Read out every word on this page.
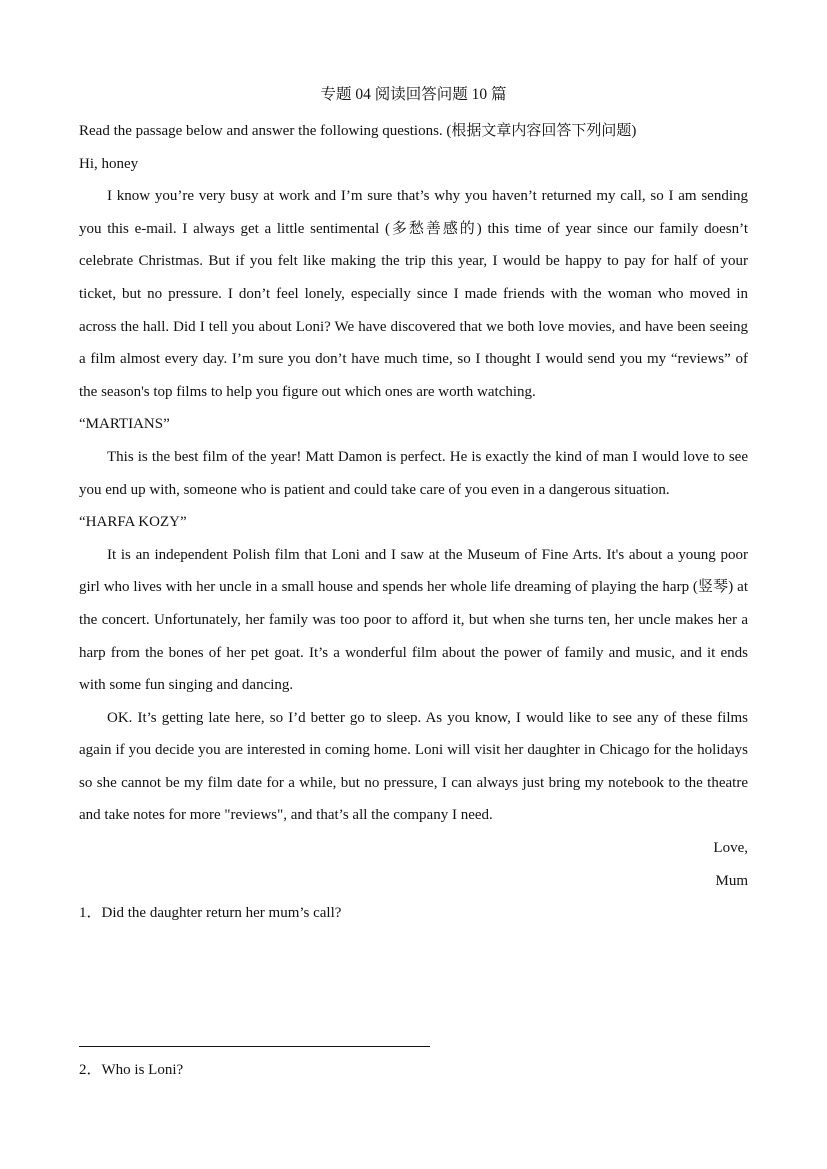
专题 04 阅读回答问题 10 篇

Read the passage below and answer the following questions. (根据文章内容回答下列问题)

Hi, honey

I know you’re very busy at work and I’m sure that’s why you haven’t returned my call, so I am sending you this e-mail. I always get a little sentimental (多愁善感的) this time of year since our family doesn’t celebrate Christmas. But if you felt like making the trip this year, I would be happy to pay for half of your ticket, but no pressure. I don’t feel lonely, especially since I made friends with the woman who moved in across the hall. Did I tell you about Loni? We have discovered that we both love movies, and have been seeing a film almost every day. I’m sure you don’t have much time, so I thought I would send you my “reviews” of the season's top films to help you figure out which ones are worth watching.

“MARTIANS”

This is the best film of the year! Matt Damon is perfect. He is exactly the kind of man I would love to see you end up with, someone who is patient and could take care of you even in a dangerous situation.

“HARFA KOZY”

It is an independent Polish film that Loni and I saw at the Museum of Fine Arts. It's about a young poor girl who lives with her uncle in a small house and spends her whole life dreaming of playing the harp (竖琴) at the concert. Unfortunately, her family was too poor to afford it, but when she turns ten, her uncle makes her a harp from the bones of her pet goat. It’s a wonderful film about the power of family and music, and it ends with some fun singing and dancing.

OK. It’s getting late here, so I’d better go to sleep. As you know, I would like to see any of these films again if you decide you are interested in coming home. Loni will visit her daughter in Chicago for the holidays so she cannot be my film date for a while, but no pressure, I can always just bring my notebook to the theatre and take notes for more "reviews", and that’s all the company I need.

Love,

Mum

1．Did the daughter return her mum’s call?

2．Who is Loni?
